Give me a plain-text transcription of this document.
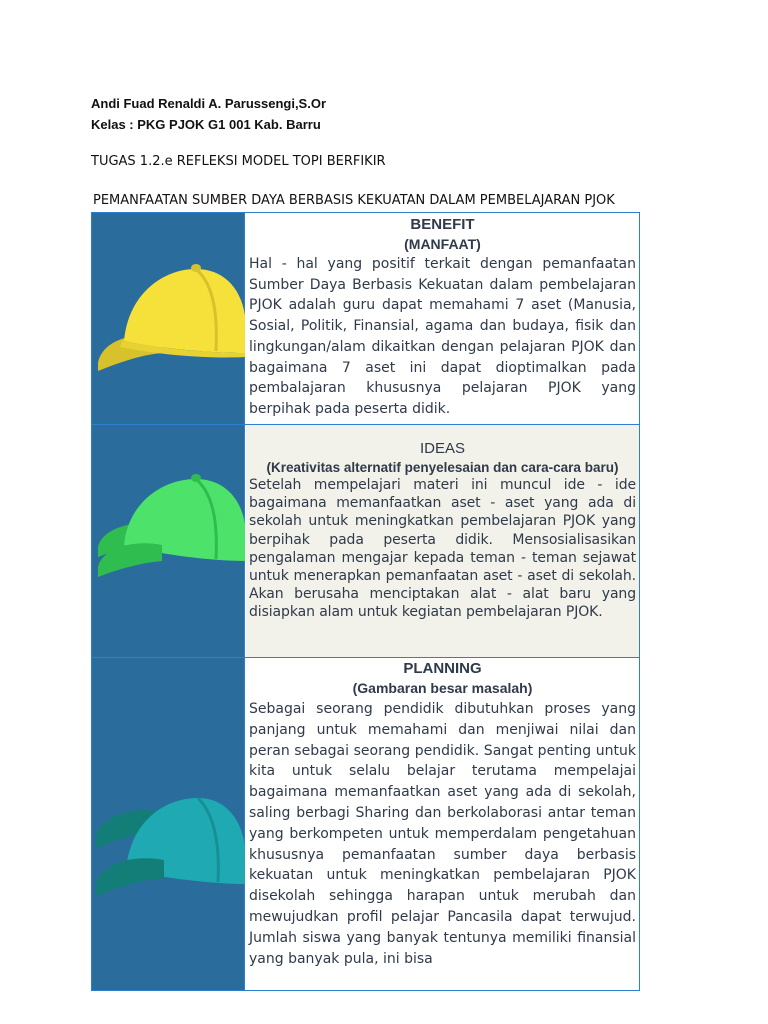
Andi Fuad Renaldi A. Parussengi,S.Or
Kelas : PKG PJOK G1 001 Kab. Barru
TUGAS 1.2.e REFLEKSI MODEL TOPI BERFIKIR
PEMANFAATAN SUMBER DAYA BERBASIS KEKUATAN DALAM PEMBELAJARAN PJOK
BENEFIT
(MANFAAT)
Hal - hal yang positif terkait dengan pemanfaatan Sumber Daya Berbasis Kekuatan dalam pembelajaran PJOK adalah guru dapat memahami 7 aset (Manusia, Sosial, Politik, Finansial, agama dan budaya, fisik dan lingkungan/alam dikaitkan dengan pelajaran PJOK dan bagaimana 7 aset ini dapat dioptimalkan pada pembalajaran khususnya pelajaran PJOK yang berpihak pada peserta didik.
IDEAS
(Kreativitas alternatif penyelesaian dan cara-cara baru)
Setelah mempelajari materi ini muncul ide - ide bagaimana memanfaatkan aset - aset yang ada di sekolah untuk meningkatkan pembelajaran PJOK yang berpihak pada peserta didik. Mensosialisasikan pengalaman mengajar kepada teman - teman sejawat untuk menerapkan pemanfaatan aset - aset di sekolah. Akan berusaha menciptakan alat - alat baru yang disiapkan alam untuk kegiatan pembelajaran PJOK.
PLANNING
(Gambaran besar masalah)
Sebagai seorang pendidik dibutuhkan proses yang panjang untuk memahami dan menjiwai nilai dan peran sebagai seorang pendidik. Sangat penting untuk kita untuk selalu belajar terutama mempelajai bagaimana memanfaatkan aset yang ada di sekolah, saling berbagi Sharing dan berkolaborasi antar teman yang berkompeten untuk memperdalam pengetahuan khususnya pemanfaatan sumber daya berbasis kekuatan untuk meningkatkan pembelajaran PJOK disekolah sehingga harapan untuk merubah dan mewujudkan profil pelajar Pancasila dapat terwujud. Jumlah siswa yang banyak tentunya memiliki finansial yang banyak pula, ini bisa
